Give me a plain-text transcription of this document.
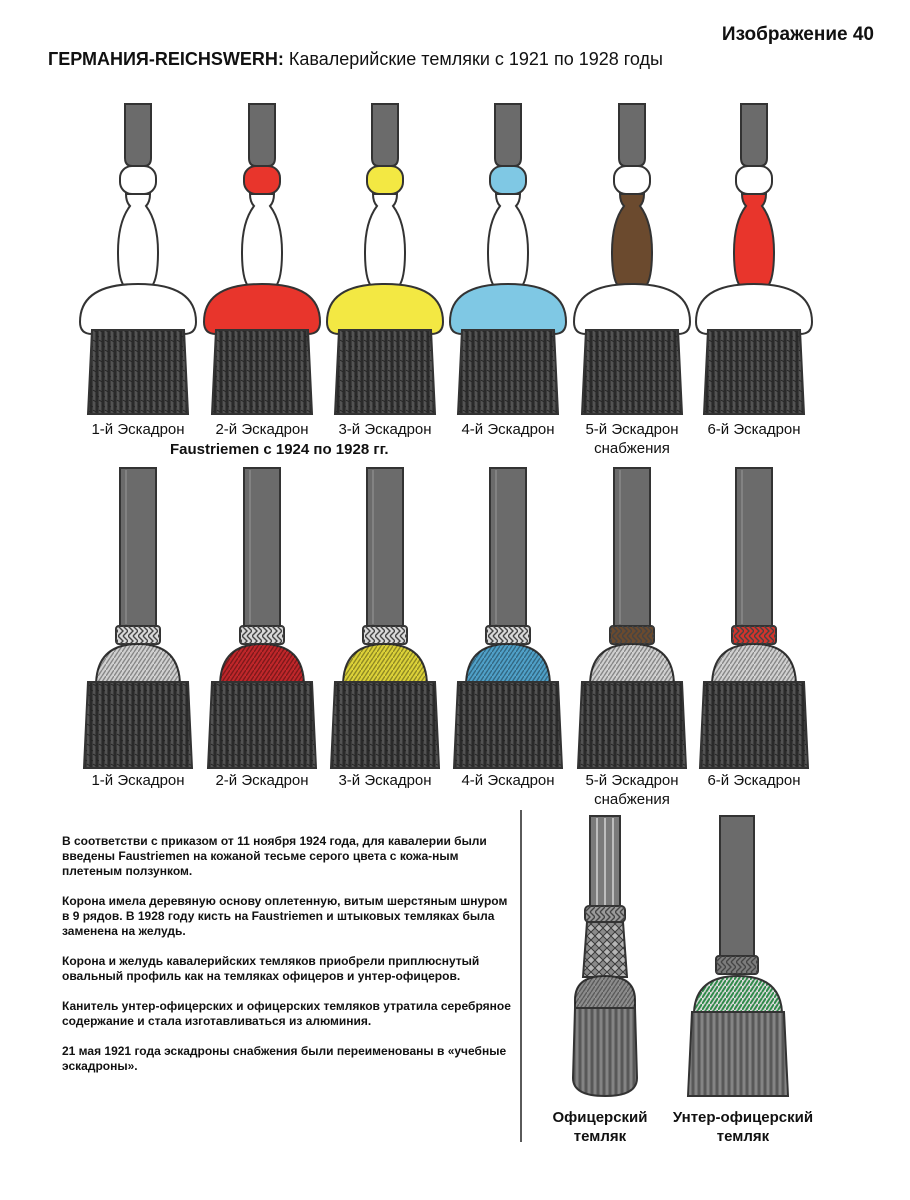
Изображение 40
ГЕРМАНИЯ-REICHSWERH: Кавалерийские темляки с 1921 по 1928 годы
1-й Эскадрон	2-й Эскадрон	3-й Эскадрон	4-й Эскадрон	5-й Эскадрон
снабжения
6-й Эскадрон
Faustriemen с 1924 по 1928 гг.
1-й Эскадрон	2-й Эскадрон	3-й Эскадрон	4-й Эскадрон	5-й Эскадрон
снабжения
6-й Эскадрон

В соответстви с приказом от 11 ноября 1924 года, для кавалерии были введены Faustriemen на кожаной тесьме серого цвета с кожа-ным плетеным ползунком.

Корона имела деревяную основу оплетенную, витым шерстяным шнуром в 9 рядов. В 1928 году кисть на Faustriemen и штыковых темляках была заменена на желудь.

Корона и желудь кавалерийских темляков приобрели приплюснутый овальный профиль как на темляках офицеров и унтер-офицеров.

Канитель унтер-офицерских и офицерских темляков утратила серебряное содержание и стала изготавливаться из алюминия.

21 мая 1921 года эскадроны снабжения были переименованы в «учебные эскадроны».

Офицерский
темляк
Унтер-офицерский
темляк
